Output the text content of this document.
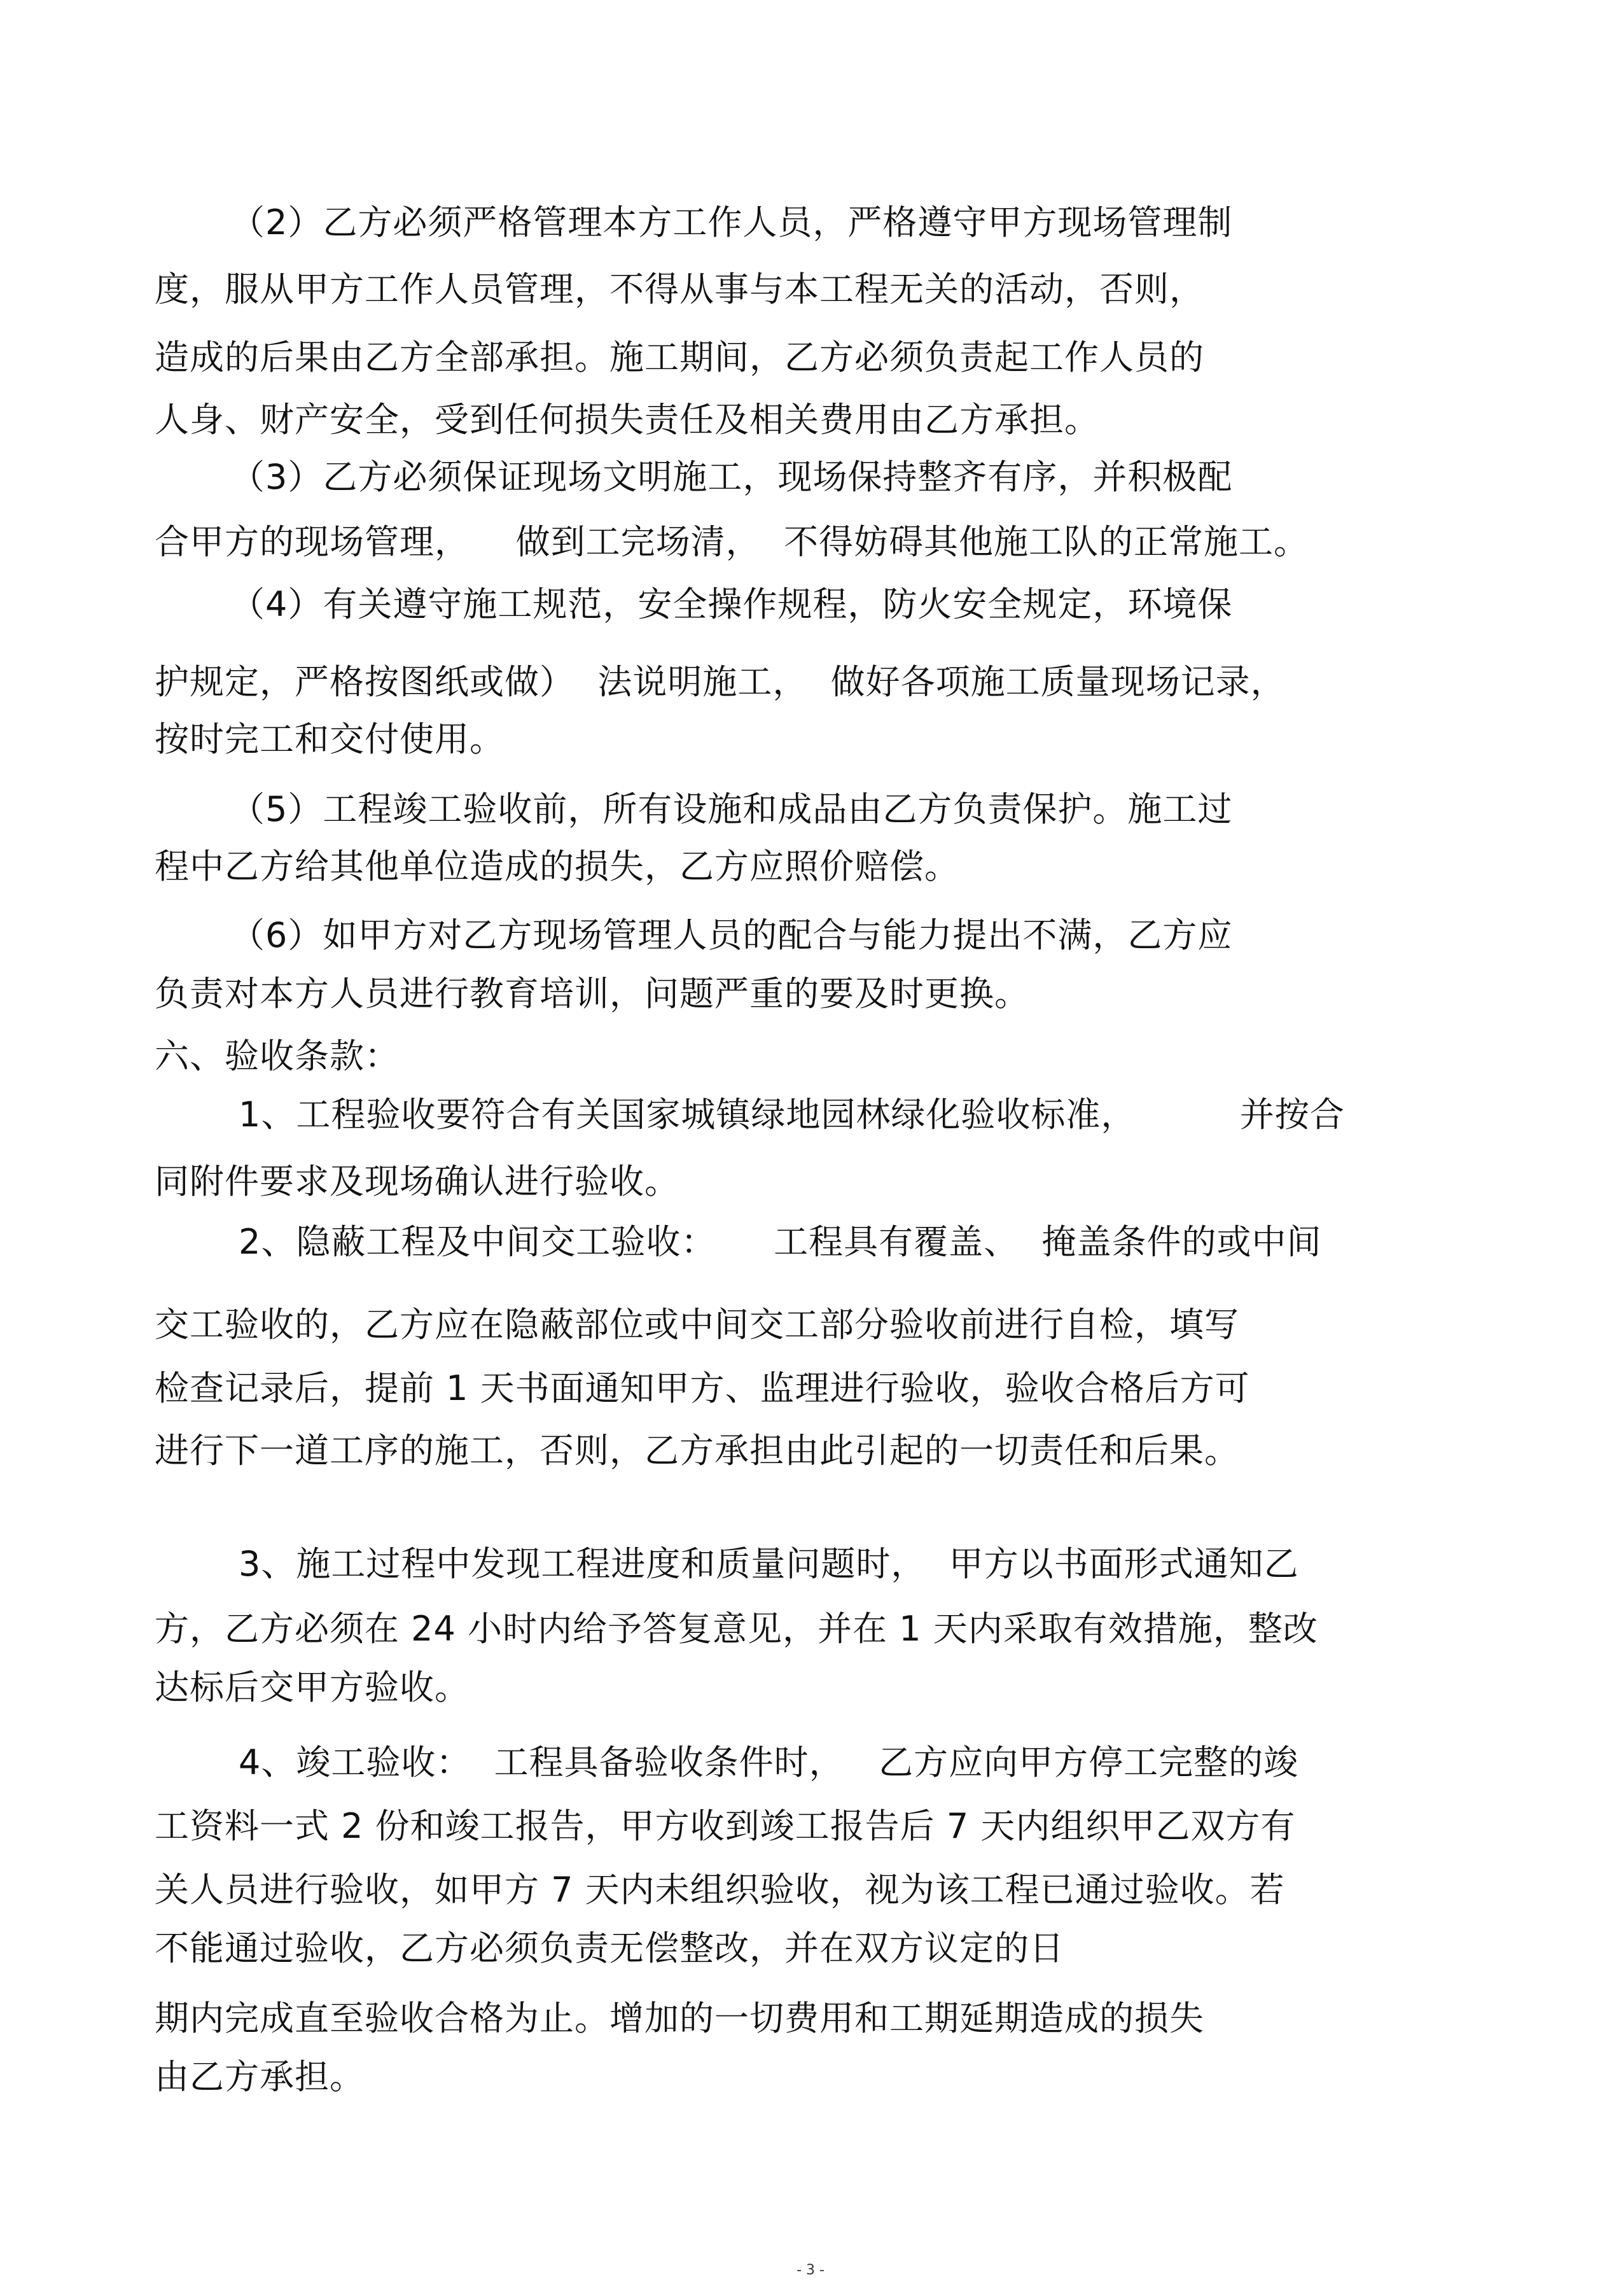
（2）乙方必须严格管理本方工作人员，严格遵守甲方现场管理制
度，服从甲方工作人员管理，不得从事与本工程无关的活动，否则，
造成的后果由乙方全部承担。施工期间，乙方必须负责起工作人员的
人身、财产安全，受到任何损失责任及相关费用由乙方承担。
（3）乙方必须保证现场文明施工，现场保持整齐有序，并积极配
合甲方的现场管理，    做到工完场清，  不得妨碍其他施工队的正常施工。
（4）有关遵守施工规范，安全操作规程，防火安全规定，环境保
护规定，严格按图纸或做）  法说明施工，  做好各项施工质量现场记录，
按时完工和交付使用。
（5）工程竣工验收前，所有设施和成品由乙方负责保护。施工过
程中乙方给其他单位造成的损失，乙方应照价赔偿。
（6）如甲方对乙方现场管理人员的配合与能力提出不满，乙方应
负责对本方人员进行教育培训，问题严重的要及时更换。
六、验收条款：
1、工程验收要符合有关国家城镇绿地园林绿化验收标准，         并按合
同附件要求及现场确认进行验收。
2、隐蔽工程及中间交工验收：     工程具有覆盖、  掩盖条件的或中间
交工验收的，乙方应在隐蔽部位或中间交工部分验收前进行自检，填写
检查记录后，提前 1 天书面通知甲方、监理进行验收，验收合格后方可
进行下一道工序的施工，否则，乙方承担由此引起的一切责任和后果。
3、施工过程中发现工程进度和质量问题时，  甲方以书面形式通知乙
方，乙方必须在 24 小时内给予答复意见，并在 1 天内采取有效措施，整改
达标后交甲方验收。
4、竣工验收：  工程具备验收条件时，   乙方应向甲方停工完整的竣
工资料一式 2 份和竣工报告，甲方收到竣工报告后 7 天内组织甲乙双方有
关人员进行验收，如甲方 7 天内未组织验收，视为该工程已通过验收。若
不能通过验收，乙方必须负责无偿整改，并在双方议定的日
期内完成直至验收合格为止。增加的一切费用和工期延期造成的损失
由乙方承担。
- 3 -
